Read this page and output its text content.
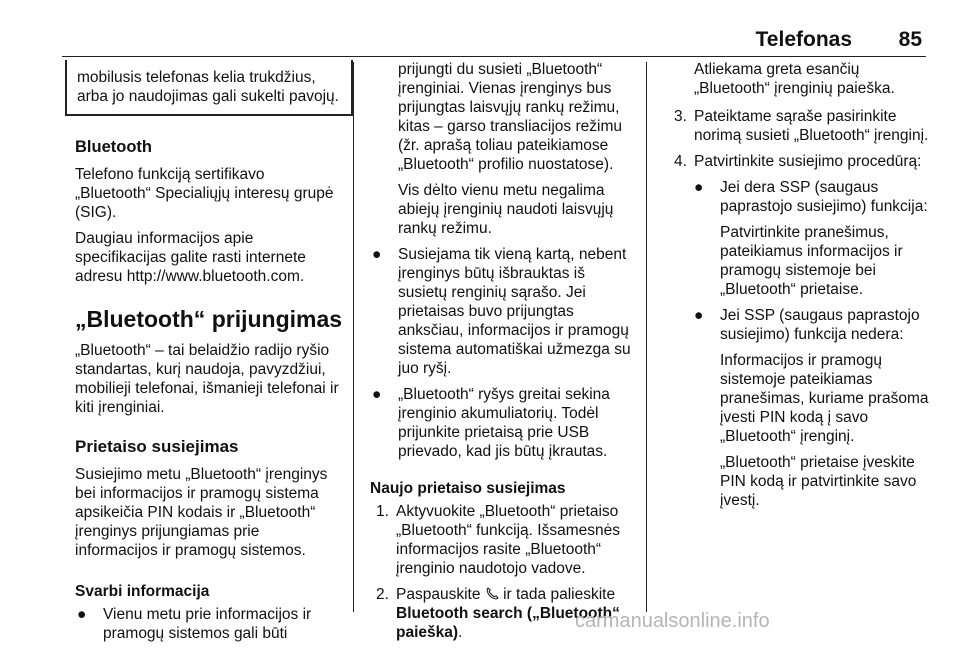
Telefonas 85
mobilusis telefonas kelia trukdžius, arba jo naudojimas gali sukelti pavojų.
Bluetooth

Telefono funkciją sertifikavo „Bluetooth“ Specialiųjų interesų grupė (SIG).

Daugiau informacijos apie specifikacijas galite rasti internete adresu http://www.bluetooth.com.

„Bluetooth“ prijungimas

„Bluetooth“ – tai belaidžio radijo ryšio standartas, kurį naudoja, pavyzdžiui, mobilieji telefonai, išmanieji telefonai ir kiti įrenginiai.

Prietaiso susiejimas

Susiejimo metu „Bluetooth“ įrenginys bei informacijos ir pramogų sistema apsikeičia PIN kodais ir „Bluetooth“ įrenginys prijungiamas prie informacijos ir pramogų sistemos.

Svarbi informacija
● Vienu metu prie informacijos ir pramogų sistemos gali būti
prijungti du susieti „Bluetooth“ įrenginiai. Vienas įrenginys bus prijungtas laisvųjų rankų režimu, kitas – garso transliacijos režimu (žr. aprašą toliau pateikiamose „Bluetooth“ profilio nuostatose).
Vis dėlto vienu metu negalima abiejų įrenginių naudoti laisvųjų rankų režimu.
● Susiejama tik vieną kartą, nebent įrenginys būtų išbrauktas iš susietų renginių sąrašo. Jei prietaisas buvo prijungtas anksčiau, informacijos ir pramogų sistema automatiškai užmezga su juo ryšį.
● „Bluetooth“ ryšys greitai sekina įrenginio akumuliatorių. Todėl prijunkite prietaisą prie USB prievado, kad jis būtų įkrautas.
Naujo prietaiso susiejimas
1. Aktyvuokite „Bluetooth“ prietaiso „Bluetooth“ funkciją. Išsamesnės informacijos rasite „Bluetooth“ įrenginio naudotojo vadove.
2. Paspauskite ir tada palieskite Bluetooth search („Bluetooth“ paieška).
Atliekama greta esančių „Bluetooth“ įrenginių paieška.
3. Pateiktame sąraše pasirinkite norimą susieti „Bluetooth“ įrenginį.
4. Patvirtinkite susiejimo procedūrą:
● Jei dera SSP (saugaus paprastojo susiejimo) funkcija:
Patvirtinkite pranešimus, pateikiamus informacijos ir pramogų sistemoje bei „Bluetooth“ prietaise.
● Jei SSP (saugaus paprastojo susiejimo) funkcija nedera:
Informacijos ir pramogų sistemoje pateikiamas pranešimas, kuriame prašoma įvesti PIN kodą į savo „Bluetooth“ įrenginį.
„Bluetooth“ prietaise įveskite PIN kodą ir patvirtinkite savo įvestį.
carmanualsonline.info
